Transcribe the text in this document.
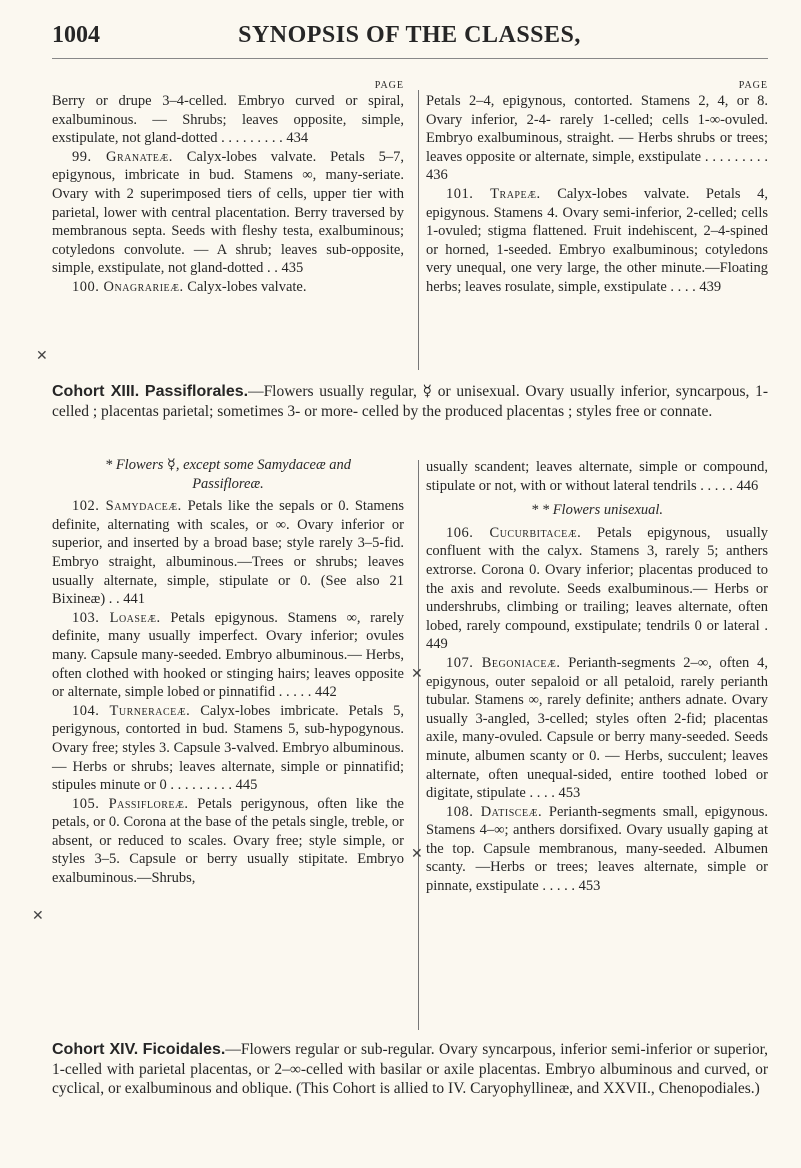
1004	SYNOPSIS OF THE CLASSES,
PAGE

Berry or drupe 3–4-celled. Embryo curved or spiral, exalbuminous. — Shrubs; leaves opposite, simple, exstipulate, not gland-dotted . . . . . . . . . 434

99. Granateæ. Calyx-lobes valvate. Petals 5–7, epigynous, imbricate in bud. Stamens ∞, many-seriate. Ovary with 2 superimposed tiers of cells, upper tier with parietal, lower with central placentation. Berry traversed by membranous septa. Seeds with fleshy testa, exalbuminous; cotyledons convolute. — A shrub; leaves sub-opposite, simple, exstipulate, not gland-dotted . . 435

100. Onagrarieæ. Calyx-lobes valvate.

PAGE

Petals 2–4, epigynous, contorted. Stamens 2, 4, or 8. Ovary inferior, 2-4- rarely 1-celled; cells 1-∞-ovuled. Embryo exalbuminous, straight. — Herbs shrubs or trees; leaves opposite or alternate, simple, exstipulate . . . . . . . . . 436

101. Trapeæ. Calyx-lobes valvate. Petals 4, epigynous. Stamens 4. Ovary semi-inferior, 2-celled; cells 1-ovuled; stigma flattened. Fruit indehiscent, 2–4-spined or horned, 1-seeded. Embryo exalbuminous; cotyledons very unequal, one very large, the other minute.—Floating herbs; leaves rosulate, simple, exstipulate . . . . 439

Cohort XIII. Passiflorales.—Flowers usually regular, ☿ or unisexual. Ovary usually inferior, syncarpous, 1-celled ; placentas parietal; sometimes 3- or more- celled by the produced placentas ; styles free or connate.

* Flowers ☿, except some Samydaceæ and Passifloreæ.

102. Samydaceæ. Petals like the sepals or 0. Stamens definite, alternating with scales, or ∞. Ovary inferior or superior, and inserted by a broad base; style rarely 3–5-fid. Embryo straight, albuminous.—Trees or shrubs; leaves usually alternate, simple, stipulate or 0. (See also 21 Bixineæ) . . 441

103. Loaseæ. Petals epigynous. Stamens ∞, rarely definite, many usually imperfect. Ovary inferior; ovules many. Capsule many-seeded. Embryo albuminous.— Herbs, often clothed with hooked or stinging hairs; leaves opposite or alternate, simple lobed or pinnatifid . . . . . 442

104. Turneraceæ. Calyx-lobes imbricate. Petals 5, perigynous, contorted in bud. Stamens 5, sub-hypogynous. Ovary free; styles 3. Capsule 3-valved. Embryo albuminous. — Herbs or shrubs; leaves alternate, simple or pinnatifid; stipules minute or 0 . . . . . . . . . 445

105. Passifloreæ. Petals perigynous, often like the petals, or 0. Corona at the base of the petals single, treble, or absent, or reduced to scales. Ovary free; style simple, or styles 3–5. Capsule or berry usually stipitate. Embryo exalbuminous.—Shrubs,

usually scandent; leaves alternate, simple or compound, stipulate or not, with or without lateral tendrils . . . . . 446

* * Flowers unisexual.

106. Cucurbitaceæ. Petals epigynous, usually confluent with the calyx. Stamens 3, rarely 5; anthers extrorse. Corona 0. Ovary inferior; placentas produced to the axis and revolute. Seeds exalbuminous.— Herbs or undershrubs, climbing or trailing; leaves alternate, often lobed, rarely compound, exstipulate; tendrils 0 or lateral . 449

107. Begoniaceæ. Perianth-segments 2–∞, often 4, epigynous, outer sepaloid or all petaloid, rarely perianth tubular. Stamens ∞, rarely definite; anthers adnate. Ovary usually 3-angled, 3-celled; styles often 2-fid; placentas axile, many-ovuled. Capsule or berry many-seeded. Seeds minute, albumen scanty or 0. — Herbs, succulent; leaves alternate, often unequal-sided, entire toothed lobed or digitate, stipulate . . . . 453

108. Datisceæ. Perianth-segments small, epigynous. Stamens 4–∞; anthers dorsifixed. Ovary usually gaping at the top. Capsule membranous, many-seeded. Albumen scanty. —Herbs or trees; leaves alternate, simple or pinnate, exstipulate . . . . . 453

Cohort XIV. Ficoidales.—Flowers regular or sub-regular. Ovary syncarpous, inferior semi-inferior or superior, 1-celled with parietal placentas, or 2–∞-celled with basilar or axile placentas. Embryo albuminous and curved, or cyclical, or exalbuminous and oblique. (This Cohort is allied to IV. Caryophyllineæ, and XXVII., Chenopodiales.)
✕
✕
✕
✕
